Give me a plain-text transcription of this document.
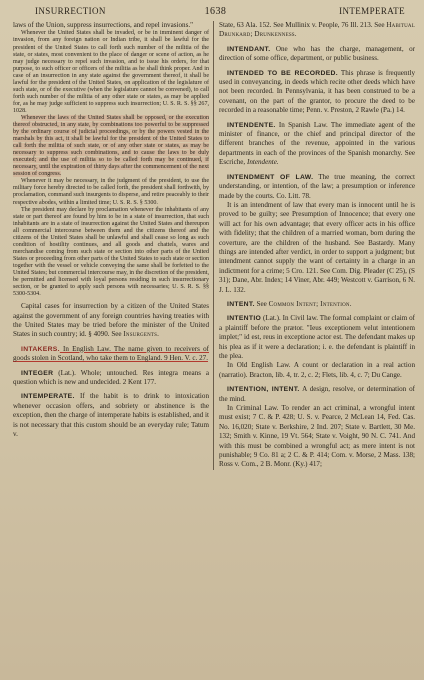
INSURRECTION	1638	INTEMPERATE

laws of the Union, suppress insurrections, and repel invasions."

Whenever the United States shall be invaded, or be in imminent danger of invasion, from any foreign nation or Indian tribe, it shall be lawful for the president of the United States to call forth such number of the militia of the state, or states, most convenient to the place of danger or scene of action, as he may judge necessary to repel such invasion, and to issue his orders, for that purpose, to such officer or officers of the militia as he shall think proper. And in case of an insurrection in any state against the government thereof, it shall be lawful for the president of the United States, on application of the legislature of such state, or of the executive (when the legislature cannot be convened), to call forth such number of the militia of any other state or states, as may be applied for, as he may judge sufficient to suppress such insurrection; U. S. R. S. §§ 267, 1028.

Whenever the laws of the United States shall be opposed, or the execution thereof obstructed, in any state, by combinations too powerful to be suppressed by the ordinary course of judicial proceedings, or by the powers vested in the marshals by this act, it shall be lawful for the president of the United States to call forth the militia of such state, or of any other state or states, as may be necessary to suppress such combinations, and to cause the laws to be duly executed; and the use of militia so to be called forth may be continued, if necessary, until the expiration of thirty days after the commencement of the next session of congress.

Whenever it may be necessary, in the judgment of the president, to use the military force hereby directed to be called forth, the president shall forthwith, by proclamation, command such insurgents to disperse, and retire peaceably to their respective abodes, within a limited time; U. S. R. S. § 5300.

The president may declare by proclamation whenever the inhabitants of any state or part thereof are found by him to be in a state of insurrection, that such inhabitants are in a state of insurrection against the United States and thereupon all commercial intercourse between them and the citizens thereof and the citizens of the United States shall be unlawful and shall cease so long as such condition of hostility continues, and all goods and chattels, wares and merchandise coming from such state or section into other parts of the United States or proceeding from other parts of the United States to such state or section together with the vessel or vehicle conveying the same shall be forfeited to the United States; but commercial intercourse may, in the discretion of the president, be permitted and licensed with loyal persons residing in such insurrectionary section, or be granted to apply such persons with necessaries; U. S. R. S. §§ 5300-5304.

Capital cases for insurrection by a citizen of the United States against the government of any foreign countries having treaties with the United States may be tried before the minister of the United States in such country; id. § 4090. See Insurgents.

INTAKERS. In English Law. The name given to receivers of goods stolen in Scotland, who take them to England. 9 Hen. V. c. 27.

INTEGER (Lat.). Whole; untouched. Res integra means a question which is new and undecided. 2 Kent 177.

INTEMPERATE. If the habit is to drink to intoxication whenever occasion offers, and sobriety or abstinence is the exception, then the charge of intemperate habits is established, and it is not necessary that this custom should be an everyday rule; Tatum v.

State, 63 Ala. 152. See Mullinix v. People, 76 Ill. 213. See Habitual Drunkard; Drunkenness.

INTENDANT. One who has the charge, management, or direction of some office, department, or public business.

INTENDED TO BE RECORDED. This phrase is frequently used in conveyancing, in deeds which recite other deeds which have not been recorded. In Pennsylvania, it has been construed to be a covenant, on the part of the grantor, to procure the deed to be recorded in a reasonable time; Penn. v. Preston, 2 Rawle (Pa.) 14.

INTENDENTE. In Spanish Law. The immediate agent of the minister of finance, or the chief and principal director of the different branches of the revenue, appointed in the various departments in each of the provinces of the Spanish monarchy. See Escriche, Intendente.

INTENDMENT OF LAW. The true meaning, the correct understanding, or intention, of the law; a presumption or inference made by the courts. Co. Litt. 78.

It is an intendment of law that every man is innocent until he is proved to be guilty; see Presumption of Innocence; that every one will act for his own advantage; that every officer acts in his office with fidelity; that the children of a married woman, born during the coverture, are the children of the husband. See Bastardy. Many things are intended after verdict, in order to support a judgment; but intendment cannot supply the want of certainty in a charge in an indictment for a crime; 5 Cro. 121. See Com. Dig. Pleader (C 25), (S 31); Dane, Abr. Index; 14 Viner, Abr. 449; Westcott v. Garrison, 6 N. J. L. 132.

INTENT. See Common Intent; Intention.

INTENTIO (Lat.). In Civil law. The formal complaint or claim of a plaintiff before the prætor. "Ieus exceptionem velut intentionem implet;" id est, reus in exceptione actor est. The defendant makes up his plea as if it were a declaration; i. e. the defendant is plaintiff in the plea.

In Old English Law. A count or declaration in a real action (narratio). Bracton, lib. 4, tr. 2, c. 2; Flets, lib. 4, c. 7; Du Cange.

INTENTION, INTENT. A design, resolve, or determination of the mind.

In Criminal Law. To render an act criminal, a wrongful intent must exist; 7 C. & P. 428; U. S. v. Pearce, 2 McLean 14, Fed. Cas. No. 16,020; State v. Berkshire, 2 Ind. 207; State v. Bartlett, 30 Me. 132; Smith v. Kinne, 19 Vt. 564; State v. Voight, 90 N. C. 741. And with this must be combined a wrongful act; as mere intent is not punishable; 9 Co. 81 a; 2 C. & P. 414; Com. v. Morse, 2 Mass. 138; Ross v. Com., 2 B. Monr. (Ky.) 417;
